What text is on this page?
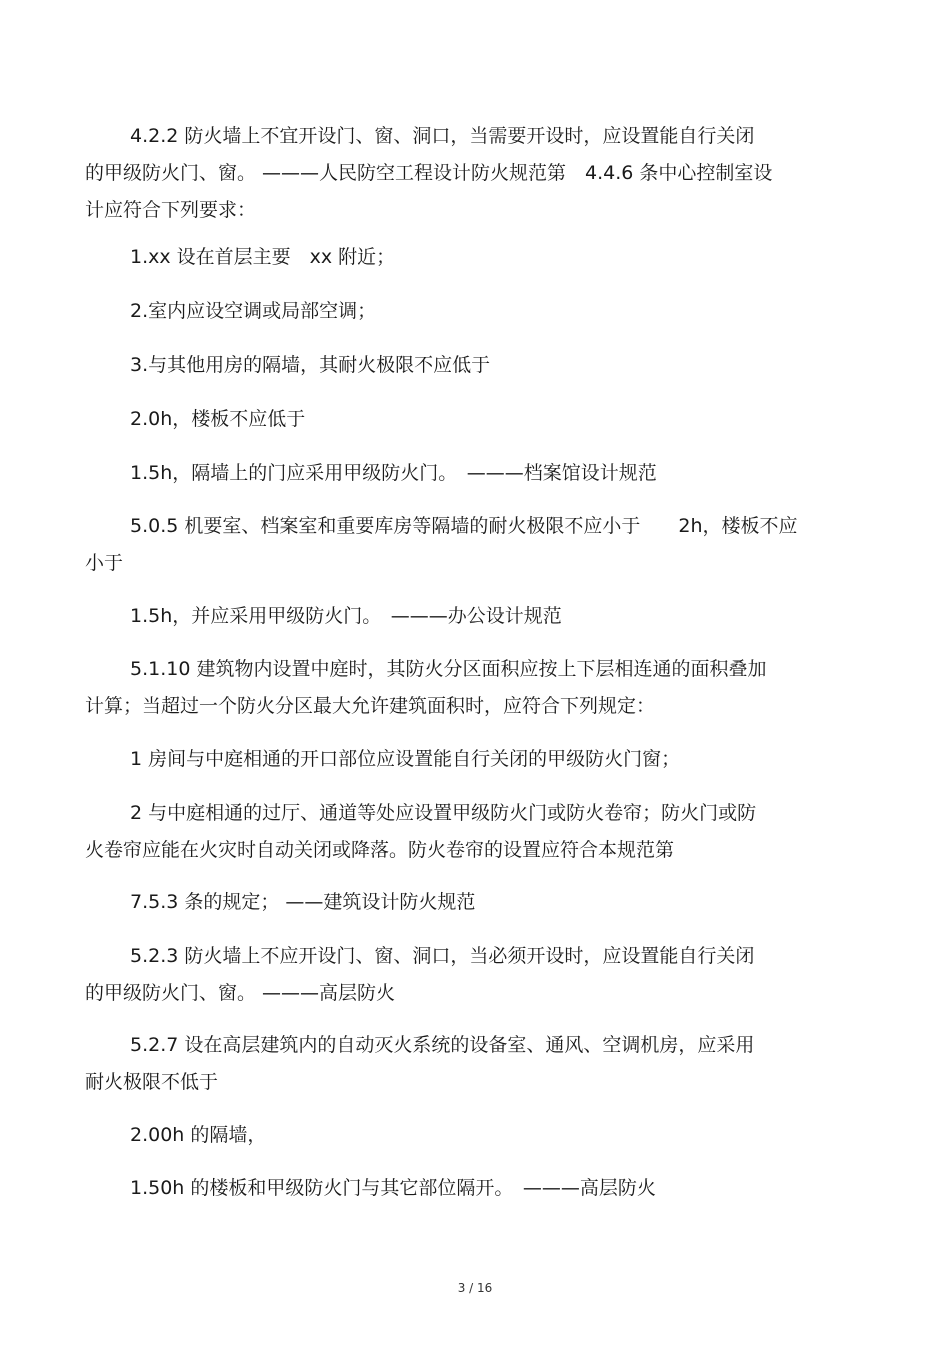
4.2.2 防火墙上不宜开设门、窗、洞口，当需要开设时，应设置能自行关闭
的甲级防火门、窗。 ———人民防空工程设计防火规范第　4.4.6 条中心控制室设
计应符合下列要求：

1.xx 设在首层主要　xx 附近；

2.室内应设空调或局部空调；

3.与其他用房的隔墙，其耐火极限不应低于

2.0h，楼板不应低于

1.5h，隔墙上的门应采用甲级防火门。　———档案馆设计规范

5.0.5 机要室、档案室和重要库房等隔墙的耐火极限不应小于　　2h，楼板不应
小于

1.5h，并应采用甲级防火门。　———办公设计规范

5.1.10 建筑物内设置中庭时，其防火分区面积应按上下层相连通的面积叠加
计算；当超过一个防火分区最大允许建筑面积时，应符合下列规定：

1 房间与中庭相通的开口部位应设置能自行关闭的甲级防火门窗；

2 与中庭相通的过厅、通道等处应设置甲级防火门或防火卷帘；防火门或防
火卷帘应能在火灾时自动关闭或降落。防火卷帘的设置应符合本规范第

7.5.3 条的规定； ——建筑设计防火规范

5.2.3 防火墙上不应开设门、窗、洞口，当必须开设时，应设置能自行关闭
的甲级防火门、窗。 ———高层防火

5.2.7 设在高层建筑内的自动灭火系统的设备室、通风、空调机房，应采用
耐火极限不低于

2.00h 的隔墙，

1.50h 的楼板和甲级防火门与其它部位隔开。　———高层防火

3 / 16
